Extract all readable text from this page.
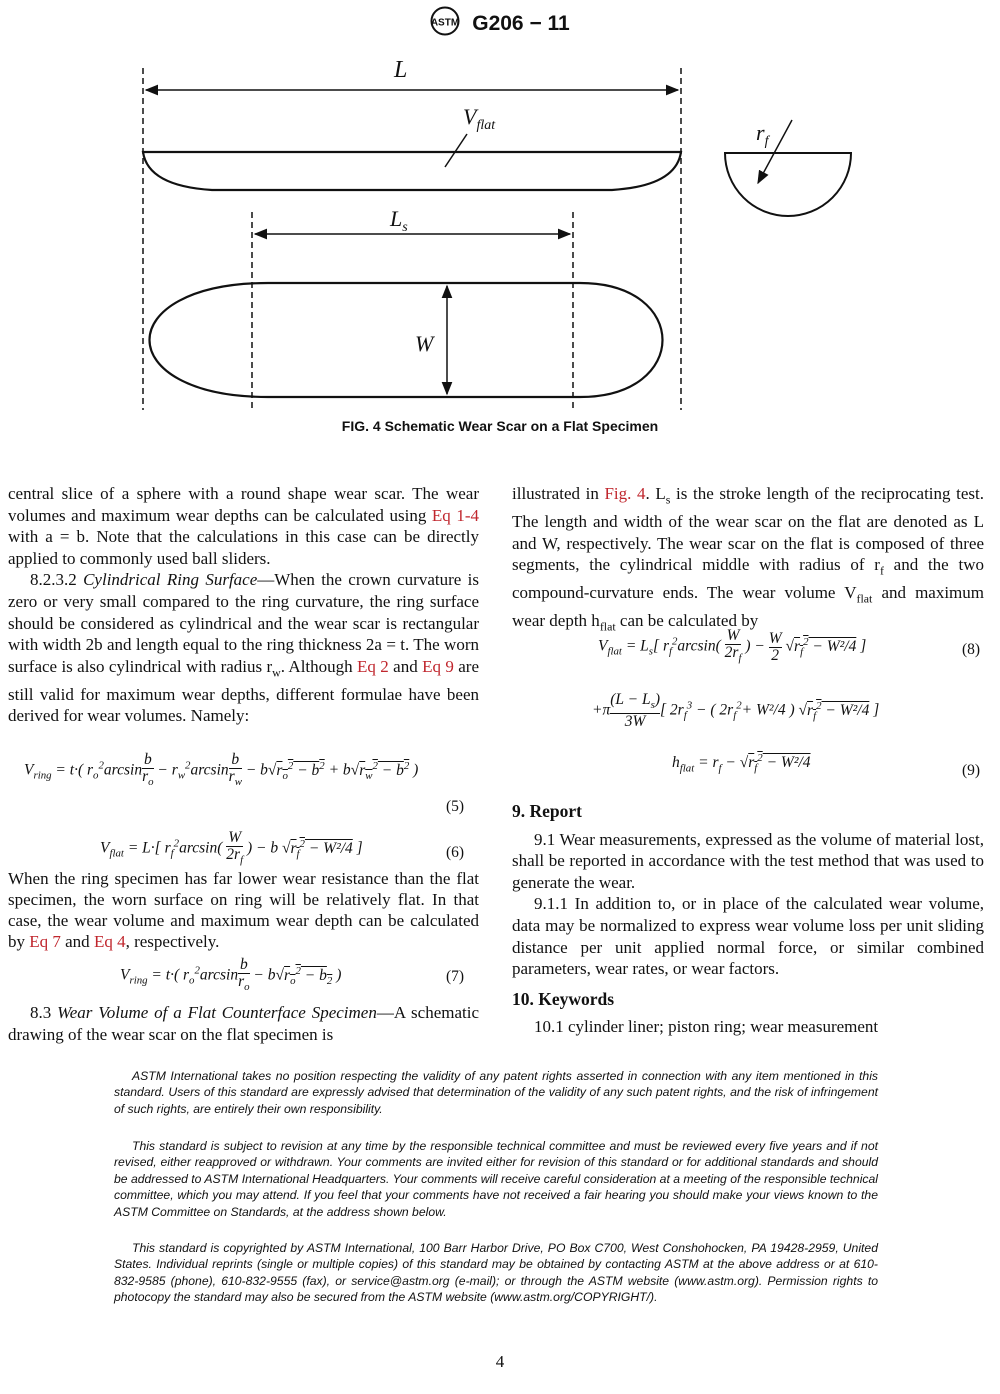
ASTM G206 − 11
L
$V_{flat}$
$L_s$
W
$r_f$
FIG. 4 Schematic Wear Scar on a Flat Specimen

central slice of a sphere with a round shape wear scar. The wear volumes and maximum wear depths can be calculated using Eq 1-4 with a = b. Note that the calculations in this case can be directly applied to commonly used ball sliders.

8.2.3.2 Cylindrical Ring Surface—When the crown curvature is zero or very small compared to the ring curvature, the ring surface should be considered as cylindrical and the wear scar is rectangular with width 2b and length equal to the ring thickness 2a = t. The worn surface is also cylindrical with radius $r_w$. Although Eq 2 and Eq 9 are still valid for maximum wear depths, different formulae have been derived for wear volumes. Namely:

$V_{ring} = t\cdot$( $r_o^2\arcsin \frac{b}{r_o} - r_w^2\arcsin \frac{b}{r_w} - b√r_o^2 - b^2 + b√r_w^2 - b^2$ )
(5)
$V_{flat} = L\cdot$[ $r_f^2\arcsin( \frac{W}{2r_f}$ ) − b $√r_f^2 - W^2/4$ ]	(6)

When the ring specimen has far lower wear resistance than the flat specimen, the worn surface on ring will be relatively flat. In that case, the wear volume and maximum wear depth can be calculated by Eq 7 and Eq 4, respectively.

$V_{ring} = t\cdot$( $r_o^2\arcsin \frac{b}{r_o} - b√r_o^2 - b_2$ )	(7)

8.3 Wear Volume of a Flat Counterface Specimen—A schematic drawing of the wear scar on the flat specimen is

illustrated in Fig. 4. $L_s$ is the stroke length of the reciprocating test. The length and width of the wear scar on the flat are denoted as L and W, respectively. The wear scar on the flat is composed of three segments, the cylindrical middle with radius of $r_f$ and the two compound-curvature ends. The wear volume $V_{flat}$ and maximum wear depth $h_{flat}$ can be calculated by

$V_{flat} = L_s$[ $r_f^2\arcsin( \frac{W}{2r_f}$ ) − $\frac{W}{2} √r_f^2 - W^2/4$ ]	(8)
$+\pi \frac{(L - L_s)}{3W}$ [ $2r_f^3$ − ( $2r_f^2+ W^2/4$ ) $√r_f^2 - W^2/4$ ]
$h_{flat} = r_f - √r_f^2 - W^2/4$	(9)

9. Report

9.1 Wear measurements, expressed as the volume of material lost, shall be reported in accordance with the test method that was used to generate the wear.

9.1.1 In addition to, or in place of the calculated wear volume, data may be normalized to express wear volume loss per unit sliding distance per unit applied normal force, or similar combined parameters, wear rates, or wear factors.

10. Keywords

10.1 cylinder liner; piston ring; wear measurement

ASTM International takes no position respecting the validity of any patent rights asserted in connection with any item mentioned in this standard. Users of this standard are expressly advised that determination of the validity of any such patent rights, and the risk of infringement of such rights, are entirely their own responsibility.

This standard is subject to revision at any time by the responsible technical committee and must be reviewed every five years and if not revised, either reapproved or withdrawn. Your comments are invited either for revision of this standard or for additional standards and should be addressed to ASTM International Headquarters. Your comments will receive careful consideration at a meeting of the responsible technical committee, which you may attend. If you feel that your comments have not received a fair hearing you should make your views known to the ASTM Committee on Standards, at the address shown below.

This standard is copyrighted by ASTM International, 100 Barr Harbor Drive, PO Box C700, West Conshohocken, PA 19428-2959, United States. Individual reprints (single or multiple copies) of this standard may be obtained by contacting ASTM at the above address or at 610-832-9585 (phone), 610-832-9555 (fax), or service@astm.org (e-mail); or through the ASTM website (www.astm.org). Permission rights to photocopy the standard may also be secured from the ASTM website (www.astm.org/COPYRIGHT/).

4
